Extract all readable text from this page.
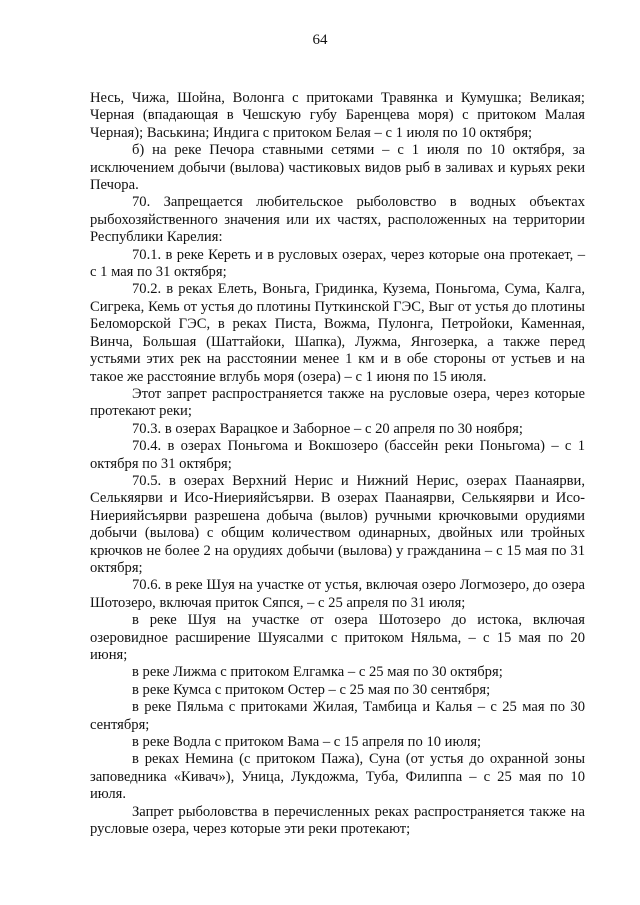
64

Несь, Чижа, Шойна, Волонга с притоками Травянка и Кумушка; Великая; Черная (впадающая в Чешскую губу Баренцева моря) с притоком Малая Черная); Васькина; Индига с притоком Белая – с 1 июля по 10 октября;

б) на реке Печора ставными сетями – с 1 июля по 10 октября, за исключением добычи (вылова) частиковых видов рыб в заливах и курьях реки Печора.

70. Запрещается любительское рыболовство в водных объектах рыбохозяйственного значения или их частях, расположенных на территории Республики Карелия:

70.1. в реке Кереть и в русловых озерах, через которые она протекает, – с 1 мая по 31 октября;

70.2. в реках Елеть, Воньга, Гридинка, Кузема, Поньгома, Сума, Калга, Сигрека, Кемь от устья до плотины Путкинской ГЭС, Выг от устья до плотины Беломорской ГЭС, в реках Писта, Вожма, Пулонга, Петройоки, Каменная, Винча, Большая (Шаттайоки, Шапка), Лужма, Янгозерка, а также перед устьями этих рек на расстоянии менее 1 км и в обе стороны от устьев и на такое же расстояние вглубь моря (озера) – с 1 июня по 15 июля.

Этот запрет распространяется также на русловые озера, через которые протекают реки;

70.3. в озерах Варацкое и Заборное – с 20 апреля по 30 ноября;

70.4. в озерах Поньгома и Вокшозеро (бассейн реки Поньгома) – с 1 октября по 31 октября;

70.5. в озерах Верхний Нерис и Нижний Нерис, озерах Паанаярви, Селькяярви и Исо-Ниерияйсъярви. В озерах Паанаярви, Селькяярви и Исо-Ниерияйсъярви разрешена добыча (вылов) ручными крючковыми орудиями добычи (вылова) с общим количеством одинарных, двойных или тройных крючков не более 2 на орудиях добычи (вылова) у гражданина – с 15 мая по 31 октября;

70.6. в реке Шуя на участке от устья, включая озеро Логмозеро, до озера Шотозеро, включая приток Сяпся, – с 25 апреля по 31 июля;

в реке Шуя на участке от озера Шотозеро до истока, включая озеровидное расширение Шуясалми с притоком Няльма, – с 15 мая по 20 июня;

в реке Лижма с притоком Елгамка – с 25 мая по 30 октября;

в реке Кумса с притоком Остер – с 25 мая по 30 сентября;

в реке Пяльма с притоками Жилая, Тамбица и Калья – с 25 мая по 30 сентября;

в реке Водла с притоком Вама – с 15 апреля по 10 июля;

в реках Немина (с притоком Пажа), Суна (от устья до охранной зоны заповедника «Кивач»), Уница, Лукдожма, Туба, Филиппа – с 25 мая по 10 июля.

Запрет рыболовства в перечисленных реках распространяется также на русловые озера, через которые эти реки протекают;
